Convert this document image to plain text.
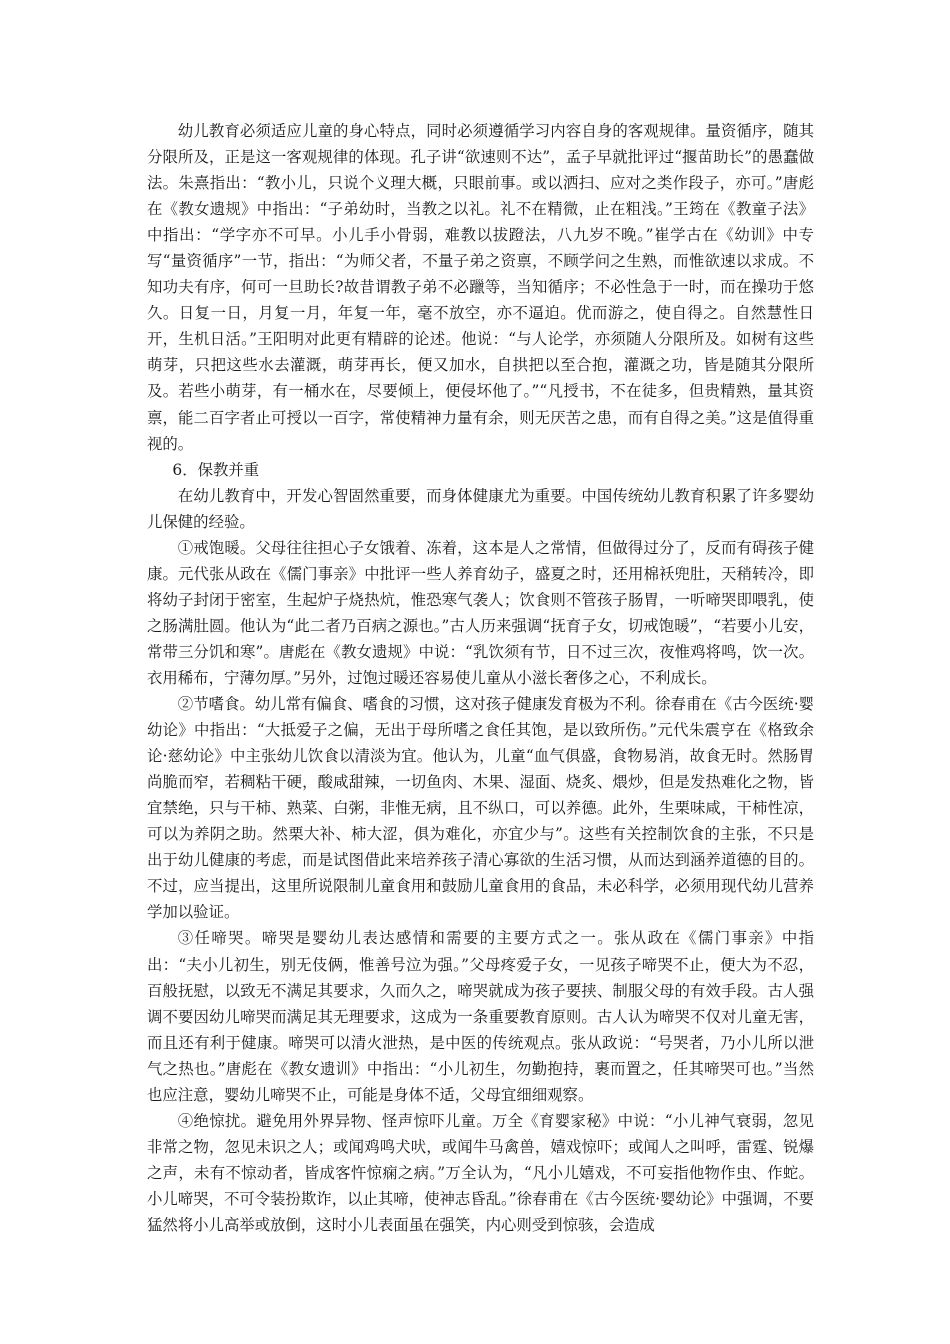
幼儿教育必须适应儿童的身心特点，同时必须遵循学习内容自身的客观规律。量资循序，随其分限所及，正是这一客观规律的体现。孔子讲“欲速则不达”，孟子早就批评过“揠苗助长”的愚蠢做法。朱熹指出：“教小儿，只说个义理大概，只眼前事。或以洒扫、应对之类作段子，亦可。”唐彪在《教女遗规》中指出：“子弟幼时，当教之以礼。礼不在精微，止在粗浅。”王筠在《教童子法》中指出：“学字亦不可早。小儿手小骨弱，难教以拔蹬法，八九岁不晚。”崔学古在《幼训》中专写“量资循序”一节，指出：“为师父者，不量子弟之资禀，不顾学问之生熟，而惟欲速以求成。不知功夫有序，何可一旦助长?故昔谓教子弟不必躐等，当知循序；不必性急于一时，而在操功于悠久。日复一日，月复一月，年复一年，毫不放空，亦不逼迫。优而游之，使自得之。自然慧性日开，生机日活。”王阳明对此更有精辟的论述。他说：“与人论学，亦须随人分限所及。如树有这些萌芽，只把这些水去灌溉，萌芽再长，便又加水，自拱把以至合抱，灌溉之功，皆是随其分限所及。若些小萌芽，有一桶水在，尽要倾上，便侵坏他了。”“凡授书，不在徒多，但贵精熟，量其资禀，能二百字者止可授以一百字，常使精神力量有余，则无厌苦之患，而有自得之美。”这是值得重视的。

6．保教并重

在幼儿教育中，开发心智固然重要，而身体健康尤为重要。中国传统幼儿教育积累了许多婴幼儿保健的经验。

①戒饱暖。父母往往担心子女饿着、冻着，这本是人之常情，但做得过分了，反而有碍孩子健康。元代张从政在《儒门事亲》中批评一些人养育幼子，盛夏之时，还用棉袄兜肚，天稍转冷，即将幼子封闭于密室，生起炉子烧热炕，惟恐寒气袭人；饮食则不管孩子肠胃，一听啼哭即喂乳，使之肠满肚圆。他认为“此二者乃百病之源也。”古人历来强调“抚育子女，切戒饱暖”，“若要小儿安，常带三分饥和寒”。唐彪在《教女遗规》中说：“乳饮须有节，日不过三次，夜惟鸡将鸣，饮一次。衣用稀布，宁薄勿厚。”另外，过饱过暖还容易使儿童从小滋长奢侈之心，不利成长。

②节嗜食。幼儿常有偏食、嗜食的习惯，这对孩子健康发育极为不利。徐春甫在《古今医统·婴幼论》中指出：“大抵爱子之偏，无出于母所嗜之食任其饱，是以致所伤。”元代朱震亨在《格致余论·慈幼论》中主张幼儿饮食以清淡为宜。他认为，儿童“血气俱盛，食物易消，故食无时。然肠胃尚脆而窄，若稠粘干硬，酸咸甜辣，一切鱼肉、木果、湿面、烧炙、煨炒，但是发热难化之物，皆宜禁绝，只与干柿、熟菜、白粥，非惟无病，且不纵口，可以养德。此外，生栗味咸，干柿性凉，可以为养阴之助。然栗大补、柿大涩，俱为难化，亦宜少与”。这些有关控制饮食的主张，不只是出于幼儿健康的考虑，而是试图借此来培养孩子清心寡欲的生活习惯，从而达到涵养道德的目的。不过，应当提出，这里所说限制儿童食用和鼓励儿童食用的食品，未必科学，必须用现代幼儿营养学加以验证。

③任啼哭。啼哭是婴幼儿表达感情和需要的主要方式之一。张从政在《儒门事亲》中指出：“夫小儿初生，别无伎俩，惟善号泣为强。”父母疼爱子女，一见孩子啼哭不止，便大为不忍，百般抚慰，以致无不满足其要求，久而久之，啼哭就成为孩子要挟、制服父母的有效手段。古人强调不要因幼儿啼哭而满足其无理要求，这成为一条重要教育原则。古人认为啼哭不仅对儿童无害，而且还有利于健康。啼哭可以清火泄热，是中医的传统观点。张从政说：“号哭者，乃小儿所以泄气之热也。”唐彪在《教女遗训》中指出：“小儿初生，勿勤抱持，裹而置之，任其啼哭可也。”当然也应注意，婴幼儿啼哭不止，可能是身体不适，父母宜细细观察。

④绝惊扰。避免用外界异物、怪声惊吓儿童。万全《育婴家秘》中说：“小儿神气衰弱，忽见非常之物，忽见未识之人；或闻鸡鸣犬吠，或闻牛马禽兽，嬉戏惊吓；或闻人之叫呼，雷霆、锐爆之声，未有不惊动者，皆成客忤惊痫之病。”万全认为，“凡小儿嬉戏，不可妄指他物作虫、作蛇。小儿啼哭，不可令装扮欺诈，以止其啼，使神志昏乱。”徐春甫在《古今医统·婴幼论》中强调，不要猛然将小儿高举或放倒，这时小儿表面虽在强笑，内心则受到惊骇，会造成
